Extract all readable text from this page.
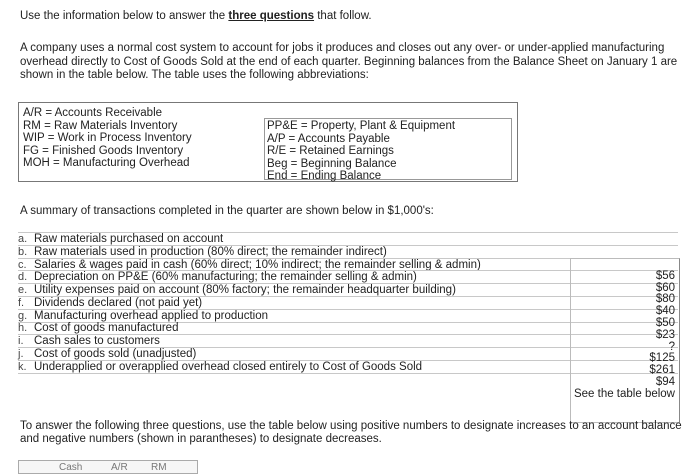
Use the information below to answer the three questions that follow.
A company uses a normal cost system to account for jobs it produces and closes out any over- or under-applied manufacturing overhead directly to Cost of Goods Sold at the end of each quarter. Beginning balances from the Balance Sheet on January 1 are shown in the table below. The table uses the following abbreviations:
A/R = Accounts Receivable
RM = Raw Materials Inventory
WIP = Work in Process Inventory
FG = Finished Goods Inventory
MOH = Manufacturing Overhead
PP&E = Property, Plant & Equipment
A/P = Accounts Payable
R/E = Retained Earnings
Beg = Beginning Balance
End = Ending Balance
A summary of transactions completed in the quarter are shown below in $1,000's:
a. Raw materials purchased on account
b. Raw materials used in production (80% direct; the remainder indirect)
c. Salaries & wages paid in cash (60% direct; 10% indirect; the remainder selling & admin)
d. Depreciation on PP&E (60% manufacturing; the remainder selling & admin)
e. Utility expenses paid on account (80% factory; the remainder headquarter building)
f. Dividends declared (not paid yet)
g. Manufacturing overhead applied to production
h. Cost of goods manufactured
i. Cash sales to customers
j. Cost of goods sold (unadjusted)
k. Underapplied or overapplied overhead closed entirely to Cost of Goods Sold
$56
$60
$80
$40
$50
$23
?
$125
$261
$94
See the table below
To answer the following three questions, use the table below using positive numbers to designate increases to an account balance and negative numbers (shown in parantheses) to designate decreases.
Cash	A/R RM
